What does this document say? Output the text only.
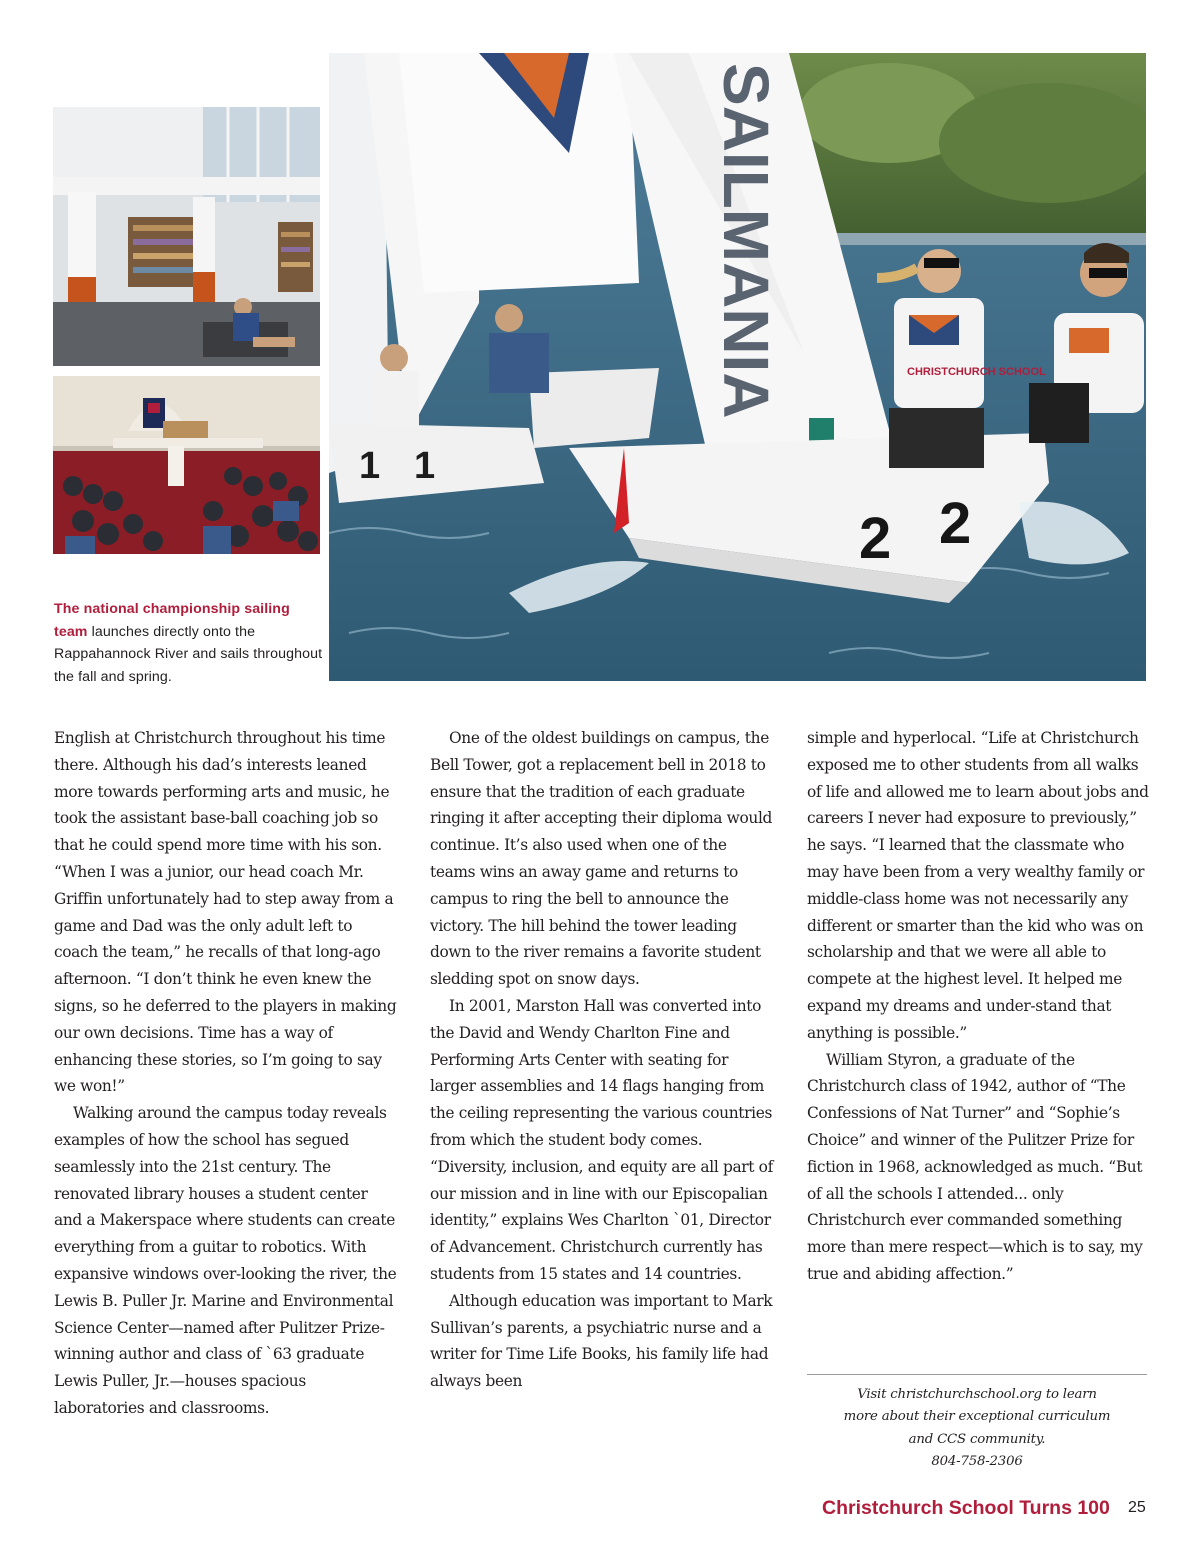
1 1
SAILMANIA
2 2
CHRISTCHURCH SCHOOL
The national championship sailing team launches directly onto the Rappahannock River and sails throughout the fall and spring.

English at Christchurch throughout his time there. Although his dad’s interests leaned more towards performing arts and music, he took the assistant base-ball coaching job so that he could spend more time with his son. “When I was a junior, our head coach Mr. Griffin unfortunately had to step away from a game and Dad was the only adult left to coach the team,” he recalls of that long-ago afternoon. “I don’t think he even knew the signs, so he deferred to the players in making our own decisions. Time has a way of enhancing these stories, so I’m going to say we won!”

Walking around the campus today reveals examples of how the school has segued seamlessly into the 21st century. The renovated library houses a student center and a Makerspace where students can create everything from a guitar to robotics. With expansive windows over-looking the river, the Lewis B. Puller Jr. Marine and Environmental Science Center—named after Pulitzer Prize-winning author and class of `63 graduate Lewis Puller, Jr.—houses spacious laboratories and classrooms.

One of the oldest buildings on campus, the Bell Tower, got a replacement bell in 2018 to ensure that the tradition of each graduate ringing it after accepting their diploma would continue. It’s also used when one of the teams wins an away game and returns to campus to ring the bell to announce the victory. The hill behind the tower leading down to the river remains a favorite student sledding spot on snow days.

In 2001, Marston Hall was converted into the David and Wendy Charlton Fine and Performing Arts Center with seating for larger assemblies and 14 flags hanging from the ceiling representing the various countries from which the student body comes. “Diversity, inclusion, and equity are all part of our mission and in line with our Episcopalian identity,” explains Wes Charlton `01, Director of Advancement. Christchurch currently has students from 15 states and 14 countries.

Although education was important to Mark Sullivan’s parents, a psychiatric nurse and a writer for Time Life Books, his family life had always been

simple and hyperlocal. “Life at Christchurch exposed me to other students from all walks of life and allowed me to learn about jobs and careers I never had exposure to previously,” he says. “I learned that the classmate who may have been from a very wealthy family or middle-class home was not necessarily any different or smarter than the kid who was on scholarship and that we were all able to compete at the highest level. It helped me expand my dreams and under-stand that anything is possible.”

William Styron, a graduate of the Christchurch class of 1942, author of “The Confessions of Nat Turner” and “Sophie’s Choice” and winner of the Pulitzer Prize for fiction in 1968, acknowledged as much. “But of all the schools I attended... only Christchurch ever commanded something more than mere respect—which is to say, my true and abiding affection.”

Visit christchurchschool.org to learn
more about their exceptional curriculum
and CCS community.
804-758-2306
Christchurch School Turns 100 25
